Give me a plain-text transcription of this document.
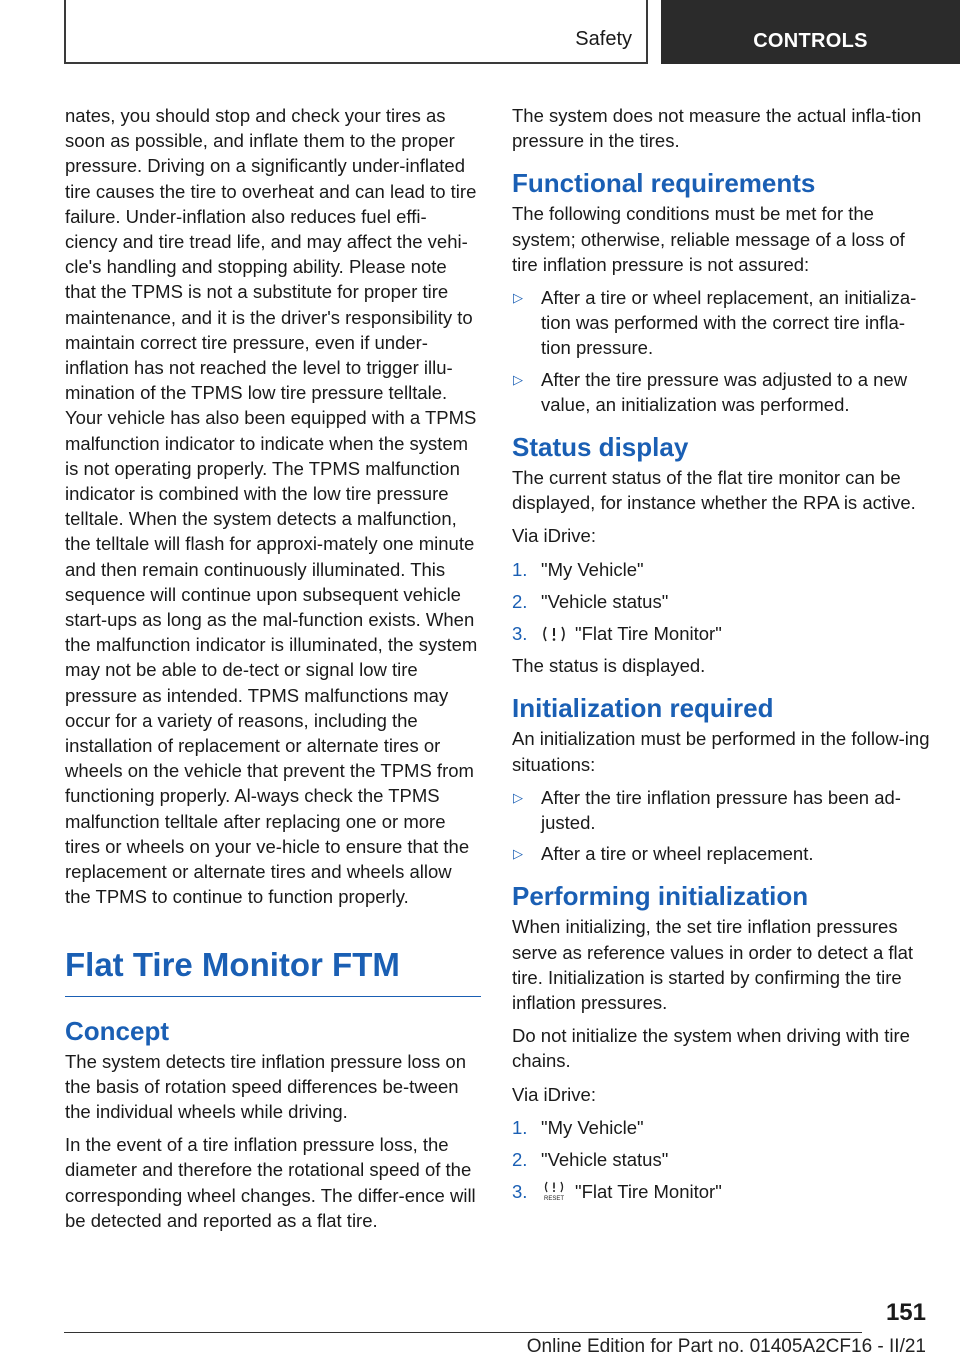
Safety	CONTROLS

nates, you should stop and check your tires as soon as possible, and inflate them to the proper pressure. Driving on a significantly under-inflated tire causes the tire to overheat and can lead to tire failure. Under-inflation also reduces fuel effi-ciency and tire tread life, and may affect the vehi-cle's handling and stopping ability. Please note that the TPMS is not a substitute for proper tire maintenance, and it is the driver's responsibility to maintain correct tire pressure, even if under-inflation has not reached the level to trigger illu-mination of the TPMS low tire pressure telltale. Your vehicle has also been equipped with a TPMS malfunction indicator to indicate when the system is not operating properly. The TPMS malfunction indicator is combined with the low tire pressure telltale. When the system detects a malfunction, the telltale will flash for approxi-mately one minute and then remain continuously illuminated. This sequence will continue upon subsequent vehicle start-ups as long as the mal-function exists. When the malfunction indicator is illuminated, the system may not be able to de-tect or signal low tire pressure as intended. TPMS malfunctions may occur for a variety of reasons, including the installation of replacement or alternate tires or wheels on the vehicle that prevent the TPMS from functioning properly. Al-ways check the TPMS malfunction telltale after replacing one or more tires or wheels on your ve-hicle to ensure that the replacement or alternate tires and wheels allow the TPMS to continue to function properly.

Flat Tire Monitor FTM
Concept

The system detects tire inflation pressure loss on the basis of rotation speed differences be-tween the individual wheels while driving.

In the event of a tire inflation pressure loss, the diameter and therefore the rotational speed of the corresponding wheel changes. The differ-ence will be detected and reported as a flat tire.

The system does not measure the actual infla-tion pressure in the tires.

Functional requirements

The following conditions must be met for the system; otherwise, reliable message of a loss of tire inflation pressure is not assured:

▷ After a tire or wheel replacement, an initializa-tion was performed with the correct tire infla-tion pressure.
▷ After the tire pressure was adjusted to a new value, an initialization was performed.
Status display

The current status of the flat tire monitor can be displayed, for instance whether the RPA is active.

Via iDrive:

1. "My Vehicle"
2. "Vehicle status"
3.	"Flat Tire Monitor"

The status is displayed.

Initialization required

An initialization must be performed in the follow-ing situations:

▷ After the tire inflation pressure has been ad-justed.
▷ After a tire or wheel replacement.
Performing initialization

When initializing, the set tire inflation pressures serve as reference values in order to detect a flat tire. Initialization is started by confirming the tire inflation pressures.

Do not initialize the system when driving with tire chains.

Via iDrive:

1. "My Vehicle"
2. "Vehicle status"
3.	RESET "Flat Tire Monitor"
151
Online Edition for Part no. 01405A2CF16 - II/21
